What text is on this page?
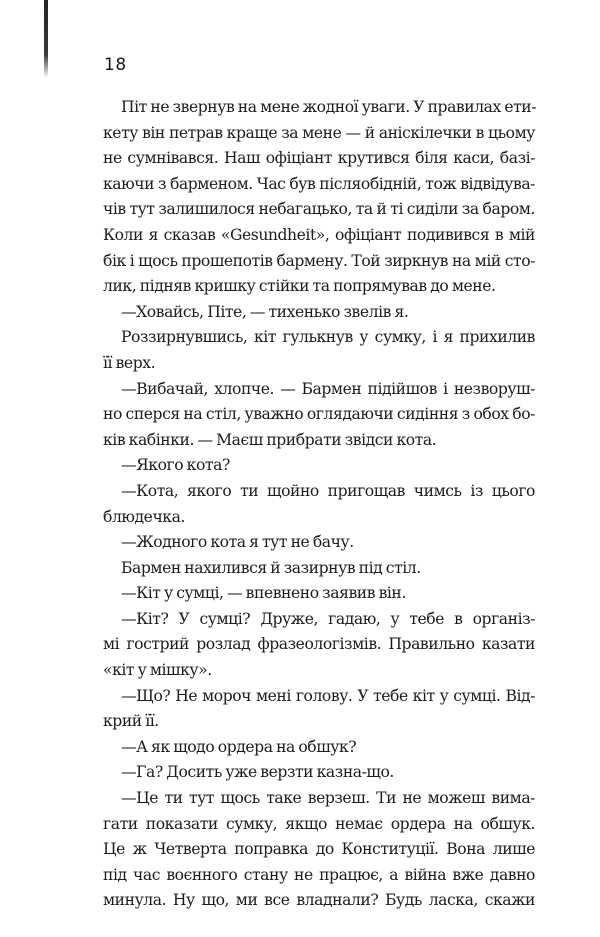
18
Піт не звернув на мене жодної уваги. У правилах ети-
кету він петрав краще за мене — й аніскілечки в цьому
не сумнівався. Наш офіціант крутився біля каси, базі-
каючи з барменом. Час був післяобідній, тож відвідува-
чів тут залишилося небагацько, та й ті сиділи за баром.
Коли я сказав «Gesundheit», офіціант подивився в мій
бік і щось прошепотів бармену. Той зиркнув на мій сто-
лик, підняв кришку стійки та попрямував до мене.
—Ховайсь, Піте, — тихенько звелів я.
Роззирнувшись, кіт гулькнув у сумку, і я прихилив
її верх.
—Вибачай, хлопче. — Бармен підійшов і незворуш-
но сперся на стіл, уважно оглядаючи сидіння з обох бо-
ків кабінки. — Маєш прибрати звідси кота.
—Якого кота?
—Кота, якого ти щойно пригощав чимсь із цього
блюдечка.
—Жодного кота я тут не бачу.
Бармен нахилився й зазирнув під стіл.
—Кіт у сумці, — впевнено заявив він.
—Кіт? У сумці? Друже, гадаю, у тебе в організ-
мі гострий розлад фразеологізмів. Правильно казати
«кіт у мішку».
—Що? Не мороч мені голову. У тебе кіт у сумці. Від-
крий її.
—А як щодо ордера на обшук?
—Га? Досить уже верзти казна-що.
—Це ти тут щось таке верзеш. Ти не можеш вима-
гати показати сумку, якщо немає ордера на обшук.
Це ж Четверта поправка до Конституції. Вона лише
під час воєнного стану не працює, а війна вже давно
минула. Ну що, ми все владнали? Будь ласка, скажи
